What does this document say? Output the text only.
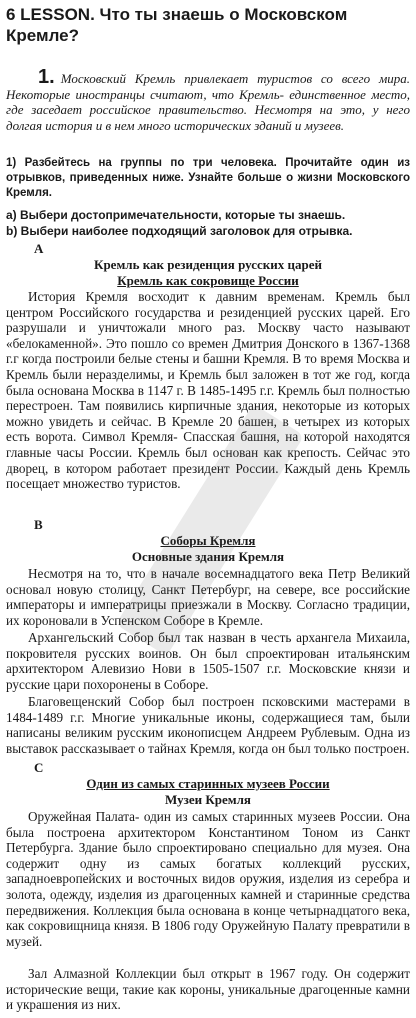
6 LESSON. Что ты знаешь о Московском Кремле?

1. Московский Кремль привлекает туристов со всего мира. Некоторые иностранцы считают, что Кремль- единственное место, где заседает российское правительство. Несмотря на это, у него долгая история и в нем много исторических зданий и музеев.

1) Разбейтесь на группы по три человека. Прочитайте один из отрывков, приведенных ниже. Узнайте больше о жизни Московского Кремля.

a) Выбери достопримечательности, которые ты знаешь.

b) Выбери наиболее подходящий заголовок для отрывка.

A

Кремль как резиденция русских царей

Кремль как сокровище России

История Кремля восходит к давним временам. Кремль был центром Российского государства и резиденцией русских царей. Его разрушали и уничтожали много раз. Москву часто называют «белокаменной». Это пошло со времен Дмитрия Донского в 1367-1368 г.г когда построили белые стены и башни Кремля. В то время Москва и Кремль были неразделимы, и Кремль был заложен в тот же год, когда была основана Москва в 1147 г. В 1485-1495 г.г. Кремль был полностью перестроен. Там появились кирпичные здания, некоторые из которых можно увидеть и сейчас. В Кремле 20 башен, в четырех из которых есть ворота. Символ Кремля- Спасская башня, на которой находятся главные часы России. Кремль был основан как крепость. Сейчас это дворец, в котором работает президент России. Каждый день Кремль посещает множество туристов.

B

Соборы Кремля

Основные здания Кремля

Несмотря на то, что в начале восемнадцатого века Петр Великий основал новую столицу, Санкт Петербург, на севере, все российские императоры и императрицы приезжали в Москву. Согласно традиции, их короновали в Успенском Соборе в Кремле.

Архангельский Собор был так назван в честь архангела Михаила, покровителя русских воинов. Он был спроектирован итальянским архитектором Алевизио Нови в 1505-1507 г.г. Московские князи и русские цари похоронены в Соборе.

Благовещенский Собор был построен псковскими мастерами в 1484-1489 г.г. Многие уникальные иконы, содержащиеся там, были написаны великим русским иконописцем Андреем Рублевым. Одна из выставок рассказывает о тайнах Кремля, когда он был только построен.

C

Один из самых старинных музеев России

Музеи Кремля

Оружейная Палата- один из самых старинных музеев России. Она была построена архитектором Константином Тоном из Санкт Петербурга. Здание было спроектировано специально для музея. Она содержит одну из самых богатых коллекций русских, западноевропейских и восточных видов оружия, изделия из серебра и золота, одежду, изделия из драгоценных камней и старинные средства передвижения. Коллекция была основана в конце четырнадцатого века, как сокровищница князя. В 1806 году Оружейную Палату превратили в музей.

Зал Алмазной Коллекции был открыт в 1967 году. Он содержит исторические вещи, такие как короны, уникальные драгоценные камни и украшения из них.
